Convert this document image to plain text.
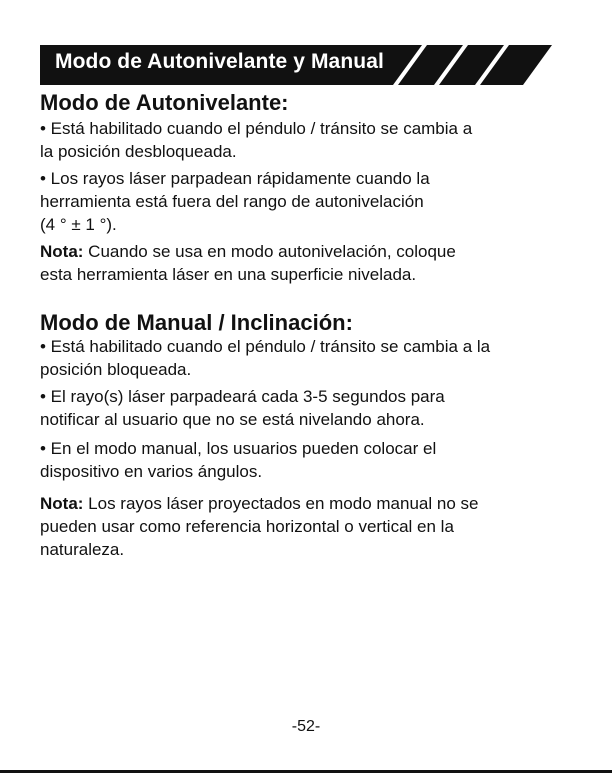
Modo de Autonivelante y Manual
Modo de Autonivelante:
• Está habilitado cuando el péndulo / tránsito se cambia a
la posición desbloqueada.
• Los rayos láser parpadean rápidamente cuando la
herramienta está fuera del rango de autonivelación
(4 ° ± 1 °).
Nota: Cuando se usa en modo autonivelación, coloque
esta herramienta láser en una superficie nivelada.
Modo de Manual / Inclinación:
• Está habilitado cuando el péndulo / tránsito se cambia a la
posición bloqueada.
• El rayo(s) láser parpadeará cada 3-5 segundos para
notificar al usuario que no se está nivelando ahora.
• En el modo manual, los usuarios pueden colocar el
dispositivo en varios ángulos.
Nota: Los rayos láser proyectados en modo manual no se
pueden usar como referencia horizontal o vertical en la
naturaleza.
-52-
